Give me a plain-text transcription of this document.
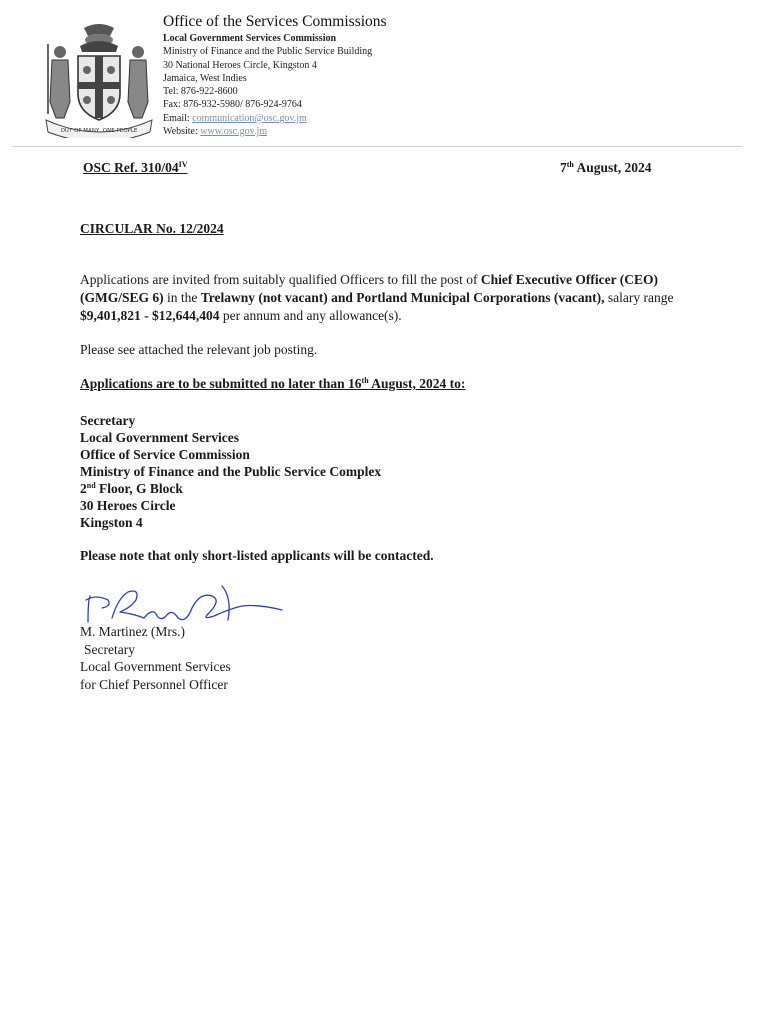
OUT OF MANY, ONE PEOPLE
Office of the Services Commissions
Local Government Services Commission
Ministry of Finance and the Public Service Building
30 National Heroes Circle, Kingston 4
Jamaica, West Indies
Tel: 876-922-8600
Fax: 876-932-5980/ 876-924-9764
Email: communication@osc.gov.jm
Website: www.osc.gov.jm
OSC Ref. $310/04^{IV}$	7th August, 2024
CIRCULAR No. 12/2024
Applications are invited from suitably qualified Officers to fill the post of Chief Executive Officer (CEO) (GMG/SEG 6) in the Trelawny (not vacant) and Portland Municipal Corporations (vacant), salary range $9,401,821 - $12,644,404 per annum and any allowance(s).
Please see attached the relevant job posting.
Applications are to be submitted no later than 16th August, 2024 to:
Secretary
Local Government Services
Office of Service Commission
Ministry of Finance and the Public Service Complex
2nd Floor, G Block
30 Heroes Circle
Kingston 4
Please note that only short-listed applicants will be contacted.
M. Martinez (Mrs.)
Secretary
Local Government Services
for Chief Personnel Officer
